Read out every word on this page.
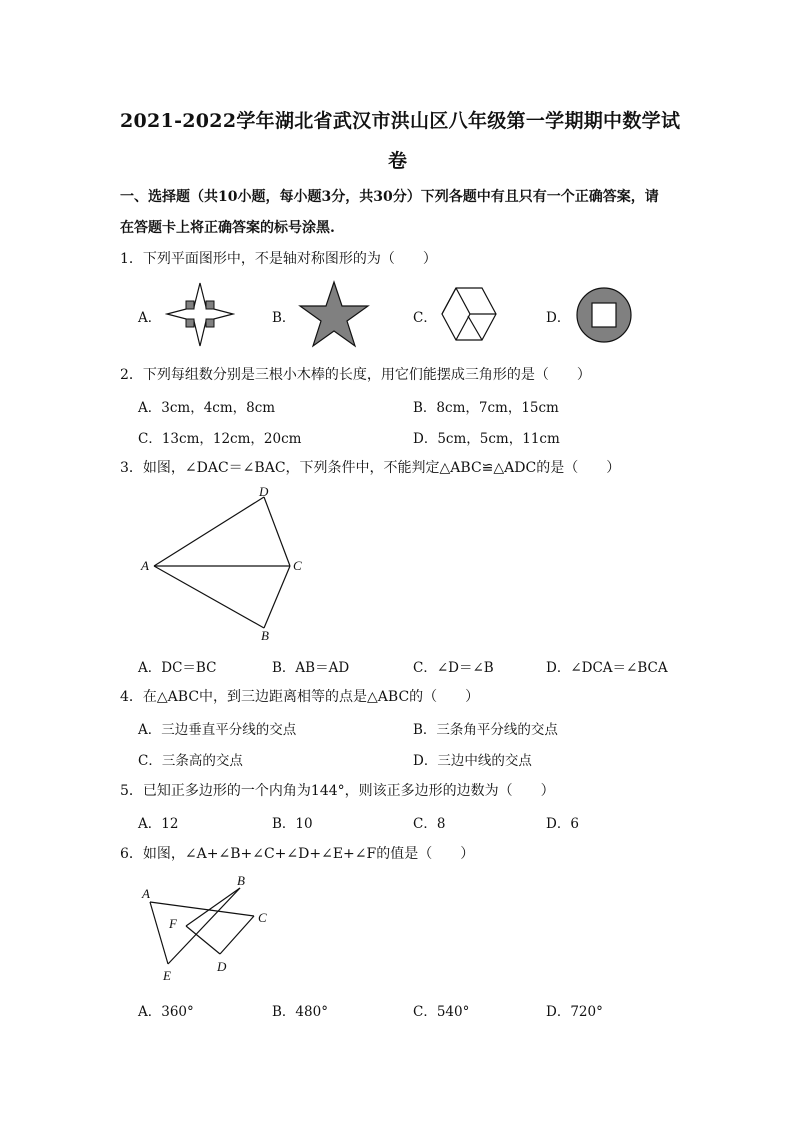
2021-2022学年湖北省武汉市洪山区八年级第一学期期中数学试
卷
一、选择题（共10小题，每小题3分，共30分）下列各题中有且只有一个正确答案，请
在答题卡上将正确答案的标号涂黑.
1．下列平面图形中，不是轴对称图形的为（　　）
A．	B．	C．	D．
2．下列每组数分别是三根小木棒的长度，用它们能摆成三角形的是（　　）
A．3cm，4cm，8cm	B．8cm，7cm，15cm
C．13cm，12cm，20cm	D．5cm，5cm，11cm
3．如图，∠DAC＝∠BAC，下列条件中，不能判定△ABC≌△ADC的是（　　）
D
A	C
B
A．DC＝BC	B．AB＝AD	C．∠D＝∠B	D．∠DCA＝∠BCA
4．在△ABC中，到三边距离相等的点是△ABC的（　　）
A．三边垂直平分线的交点	B．三条角平分线的交点
C．三条高的交点	D．三边中线的交点
5．已知正多边形的一个内角为144°，则该正多边形的边数为（　　）
A．12	B．10	C．8	D．6
6．如图，∠A+∠B+∠C+∠D+∠E+∠F的值是（　　）
A
B
F	C
E
D
A．360°	B．480°	C．540°	D．720°
